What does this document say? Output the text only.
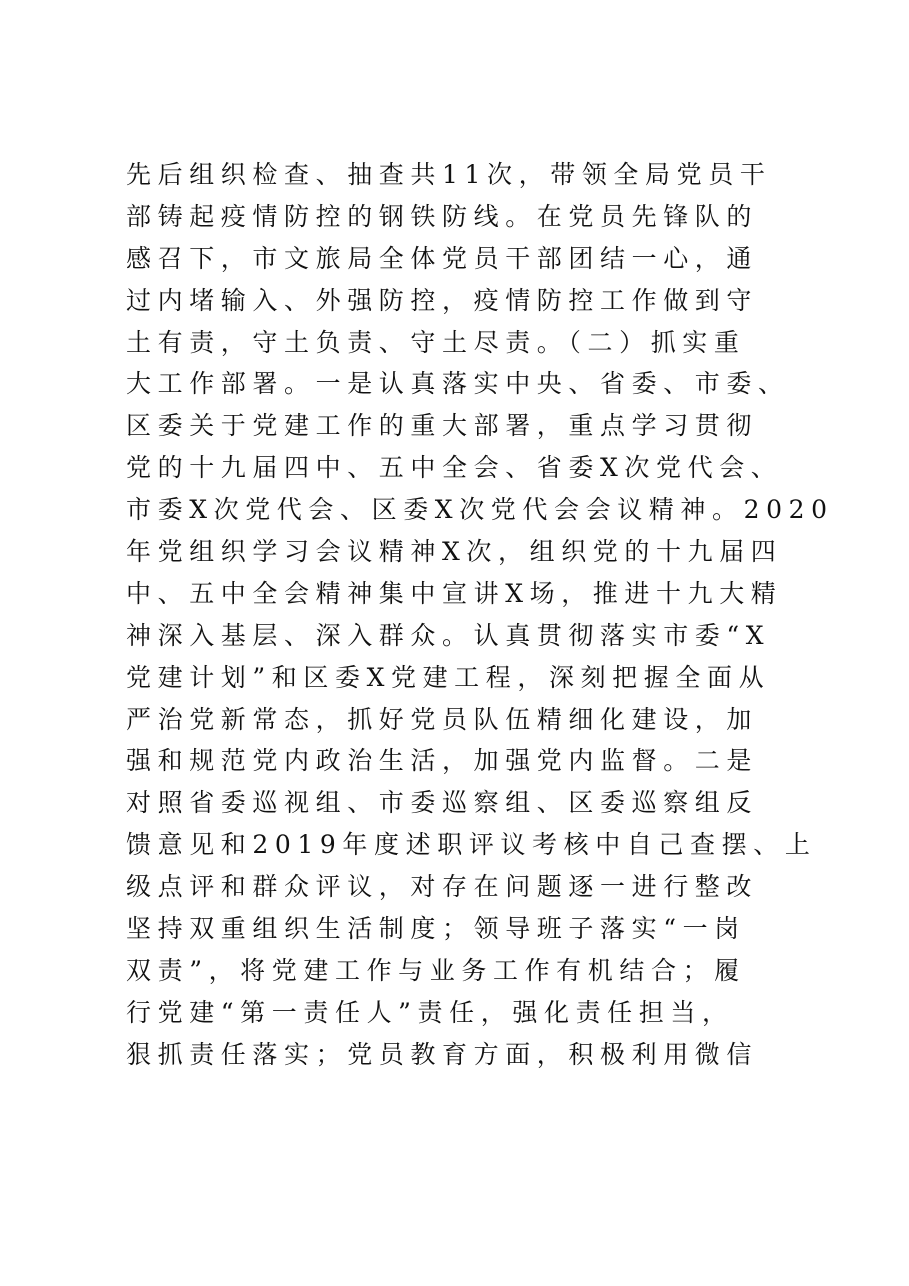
先后组织检查、抽查共11次，带领全局党员干
部铸起疫情防控的钢铁防线。在党员先锋队的
感召下，市文旅局全体党员干部团结一心，通
过内堵输入、外强防控，疫情防控工作做到守
土有责，守土负责、守土尽责。（二）抓实重
大工作部署。一是认真落实中央、省委、市委、
区委关于党建工作的重大部署，重点学习贯彻
党的十九届四中、五中全会、省委X次党代会、
市委X次党代会、区委X次党代会会议精神。2020
年党组织学习会议精神X次，组织党的十九届四
中、五中全会精神集中宣讲X场，推进十九大精
神深入基层、深入群众。认真贯彻落实市委“X
党建计划”和区委X党建工程，深刻把握全面从
严治党新常态，抓好党员队伍精细化建设，加
强和规范党内政治生活，加强党内监督。二是
对照省委巡视组、市委巡察组、区委巡察组反
馈意见和2019年度述职评议考核中自己查摆、上
级点评和群众评议，对存在问题逐一进行整改
坚持双重组织生活制度；领导班子落实“一岗
双责”，将党建工作与业务工作有机结合；履
行党建“第一责任人”责任，强化责任担当，
狠抓责任落实；党员教育方面，积极利用微信
